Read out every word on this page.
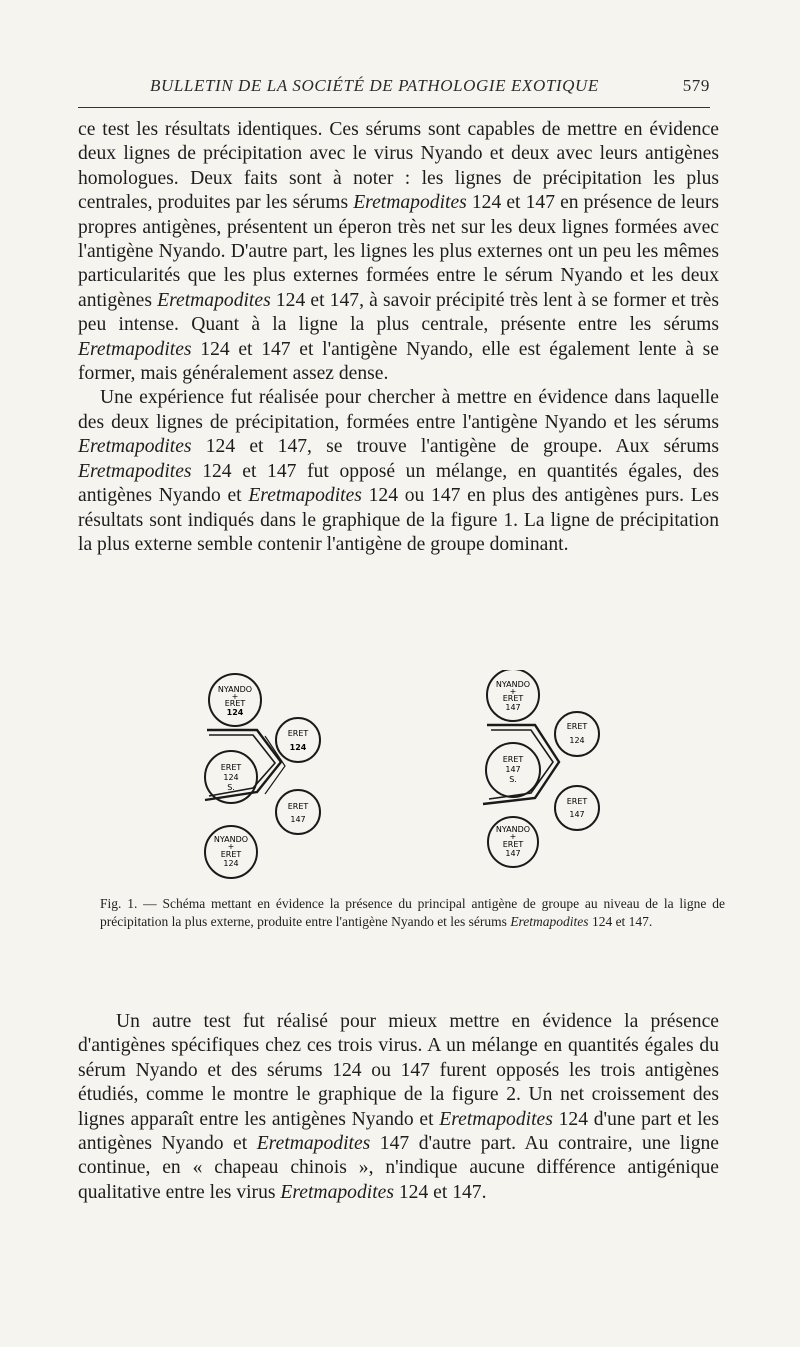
BULLETIN DE LA SOCIÉTÉ DE PATHOLOGIE EXOTIQUE	579

ce test les résultats identiques. Ces sérums sont capables de mettre en évidence deux lignes de précipitation avec le virus Nyando et deux avec leurs antigènes homologues. Deux faits sont à noter : les lignes de précipitation les plus centrales, produites par les sérums Eretmapodites 124 et 147 en présence de leurs propres antigènes, présentent un éperon très net sur les deux lignes formées avec l'antigène Nyando. D'autre part, les lignes les plus externes ont un peu les mêmes particularités que les plus externes formées entre le sérum Nyando et les deux antigènes Eretmapodites 124 et 147, à savoir précipité très lent à se former et très peu intense. Quant à la ligne la plus centrale, présente entre les sérums Eretmapodites 124 et 147 et l'antigène Nyando, elle est également lente à se former, mais généralement assez dense.

Une expérience fut réalisée pour chercher à mettre en évidence dans laquelle des deux lignes de précipitation, formées entre l'antigène Nyando et les sérums Eretmapodites 124 et 147, se trouve l'antigène de groupe. Aux sérums Eretmapodites 124 et 147 fut opposé un mélange, en quantités égales, des antigènes Nyando et Eretmapodites 124 ou 147 en plus des antigènes purs. Les résultats sont indiqués dans le graphique de la figure 1. La ligne de précipitation la plus externe semble contenir l'antigène de groupe dominant.

NYANDO
+
ERET
124
ERET
124
S.
NYANDO
+
ERET
124
ERET
124
ERET
147
NYANDO
+
ERET
147
ERET
147
S.
NYANDO
+
ERET
147
ERET
124
ERET
147
Fig. 1. — Schéma mettant en évidence la présence du principal antigène de groupe au niveau de la ligne de précipitation la plus externe, produite entre l'antigène Nyando et les sérums Eretmapodites 124 et 147.

Un autre test fut réalisé pour mieux mettre en évidence la présence d'antigènes spécifiques chez ces trois virus. A un mélange en quantités égales du sérum Nyando et des sérums 124 ou 147 furent opposés les trois antigènes étudiés, comme le montre le graphique de la figure 2. Un net croissement des lignes apparaît entre les antigènes Nyando et Eretmapodites 124 d'une part et les antigènes Nyando et Eretmapodites 147 d'autre part. Au contraire, une ligne continue, en « chapeau chinois », n'indique aucune différence antigénique qualitative entre les virus Eretmapodites 124 et 147.
